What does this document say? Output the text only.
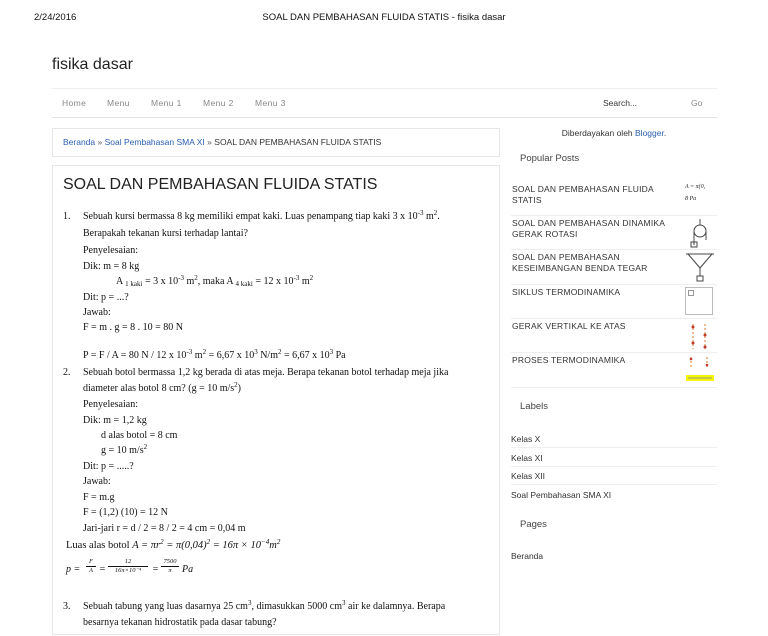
2/24/2016	SOAL DAN PEMBAHASAN FLUIDA STATIS - fisika dasar
fisika dasar
Home Menu Menu 1 Menu 2 Menu 3	Search...	Go
Beranda » Soal Pembahasan SMA XI » SOAL DAN PEMBAHASAN FLUIDA STATIS
SOAL DAN PEMBAHASAN FLUIDA STATIS
1. Sebuah kursi bermassa 8 kg memiliki empat kaki. Luas penampang tiap kaki 3 x $10^{-3}$ $m^2$.
Berapakah tekanan kursi terhadap lantai?
Penyelesaian:
Dik: m = 8 kg
A $_{1 kaki}$ = 3 x $10^{-3}$ $m^2$, maka A $_{4 kaki}$ = 12 x $10^{-3}$ $m^2$
Dit: p = ...?
Jawab:
F = m . g = 8 . 10 = 80 N
P = F / A = 80 N / 12 x $10^{-3}$ $m^2 = 6,67$ x $10^3$ $N/m^2 = 6,67$ x $10^3$ Pa
2. Sebuah botol bermassa 1,2 kg berada di atas meja. Berapa tekanan botol terhadap meja jika
diameter alas botol 8 cm? (g = 10 $m/s^2$)
Penyelesaian:
Dik: m = 1,2 kg
d alas botol = 8 cm
g = 10 $m/s^2$
Dit: p = .....?
Jawab:
F = m.g
F = (1,2) (10) = 12 N
Jari-jari r = d / 2 = 8 / 2 = 4 cm = 0,04 m
Luas alas botol $A = \pi r^2 = \pi(0,04)^2 = 16\pi \times 10^{-4}m^2$
p =
F
A =
12
16π×10⁻⁴	=
7500
π	Pa
3. Sebuah tabung yang luas dasarnya 25 $cm^3$, dimasukkan 5000 $cm^3$ air ke dalamnya. Berapa
besarnya tekanan hidrostatik pada dasar tabung?
Diberdayakan oleh Blogger.
Popular Posts
SOAL DAN PEMBAHASAN FLUIDA STATIS
A = π(0,
8 Pa
SOAL DAN PEMBAHASAN DINAMIKA GERAK ROTASI
SOAL DAN PEMBAHASAN KESEIMBANGAN BENDA TEGAR
SIKLUS TERMODINAMIKA
GERAK VERTIKAL KE ATAS
PROSES TERMODINAMIKA
Labels
Kelas X
Kelas XI
Kelas XII
Soal Pembahasan SMA XI
Pages
Beranda
